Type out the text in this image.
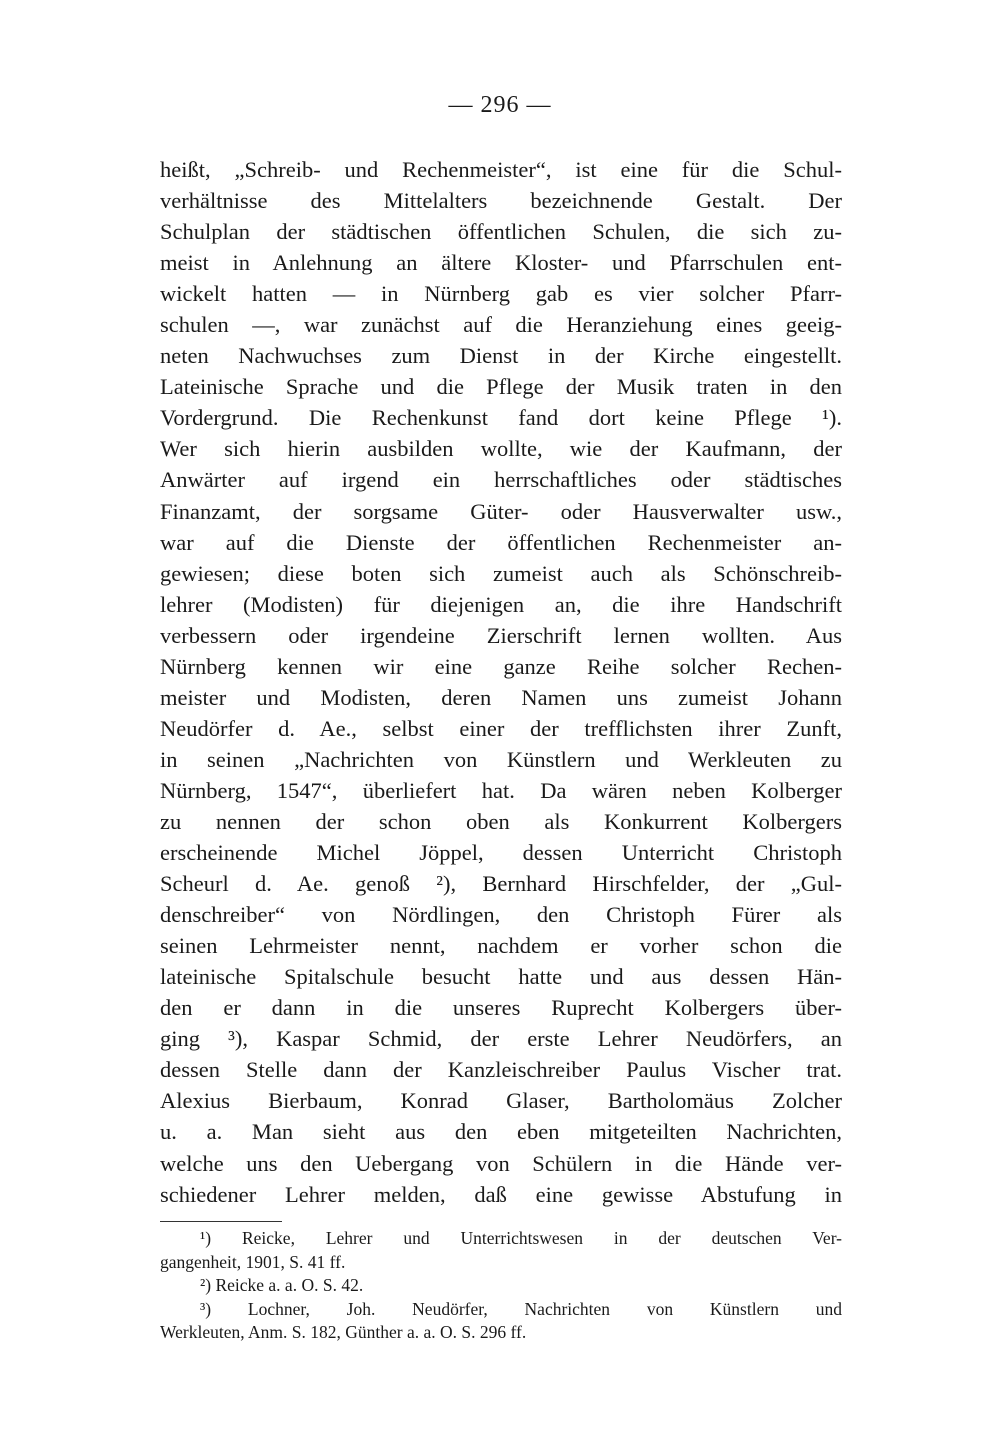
— 296 —
heißt, „Schreib- und Rechenmeister“, ist eine für die Schul-
verhältnisse des Mittelalters bezeichnende Gestalt. Der
Schulplan der städtischen öffentlichen Schulen, die sich zu-
meist in Anlehnung an ältere Kloster- und Pfarrschulen ent-
wickelt hatten — in Nürnberg gab es vier solcher Pfarr-
schulen —, war zunächst auf die Heranziehung eines geeig-
neten Nachwuchses zum Dienst in der Kirche eingestellt.
Lateinische Sprache und die Pflege der Musik traten in den
Vordergrund. Die Rechenkunst fand dort keine Pflege ¹).
Wer sich hierin ausbilden wollte, wie der Kaufmann, der
Anwärter auf irgend ein herrschaftliches oder städtisches
Finanzamt, der sorgsame Güter- oder Hausverwalter usw.,
war auf die Dienste der öffentlichen Rechenmeister an-
gewiesen; diese boten sich zumeist auch als Schönschreib-
lehrer (Modisten) für diejenigen an, die ihre Handschrift
verbessern oder irgendeine Zierschrift lernen wollten. Aus
Nürnberg kennen wir eine ganze Reihe solcher Rechen-
meister und Modisten, deren Namen uns zumeist Johann
Neudörfer d. Ae., selbst einer der trefflichsten ihrer Zunft,
in seinen „Nachrichten von Künstlern und Werkleuten zu
Nürnberg, 1547“, überliefert hat. Da wären neben Kolberger
zu nennen der schon oben als Konkurrent Kolbergers
erscheinende Michel Jöppel, dessen Unterricht Christoph
Scheurl d. Ae. genoß ²), Bernhard Hirschfelder, der „Gul-
denschreiber“ von Nördlingen, den Christoph Fürer als
seinen Lehrmeister nennt, nachdem er vorher schon die
lateinische Spitalschule besucht hatte und aus dessen Hän-
den er dann in die unseres Ruprecht Kolbergers über-
ging ³), Kaspar Schmid, der erste Lehrer Neudörfers, an
dessen Stelle dann der Kanzleischreiber Paulus Vischer trat.
Alexius Bierbaum, Konrad Glaser, Bartholomäus Zolcher
u. a. Man sieht aus den eben mitgeteilten Nachrichten,
welche uns den Uebergang von Schülern in die Hände ver-
schiedener Lehrer melden, daß eine gewisse Abstufung in
¹) Reicke, Lehrer und Unterrichtswesen in der deutschen Ver-
gangenheit, 1901, S. 41 ff.
²) Reicke a. a. O. S. 42.
³) Lochner, Joh. Neudörfer, Nachrichten von Künstlern und
Werkleuten, Anm. S. 182, Günther a. a. O. S. 296 ff.
